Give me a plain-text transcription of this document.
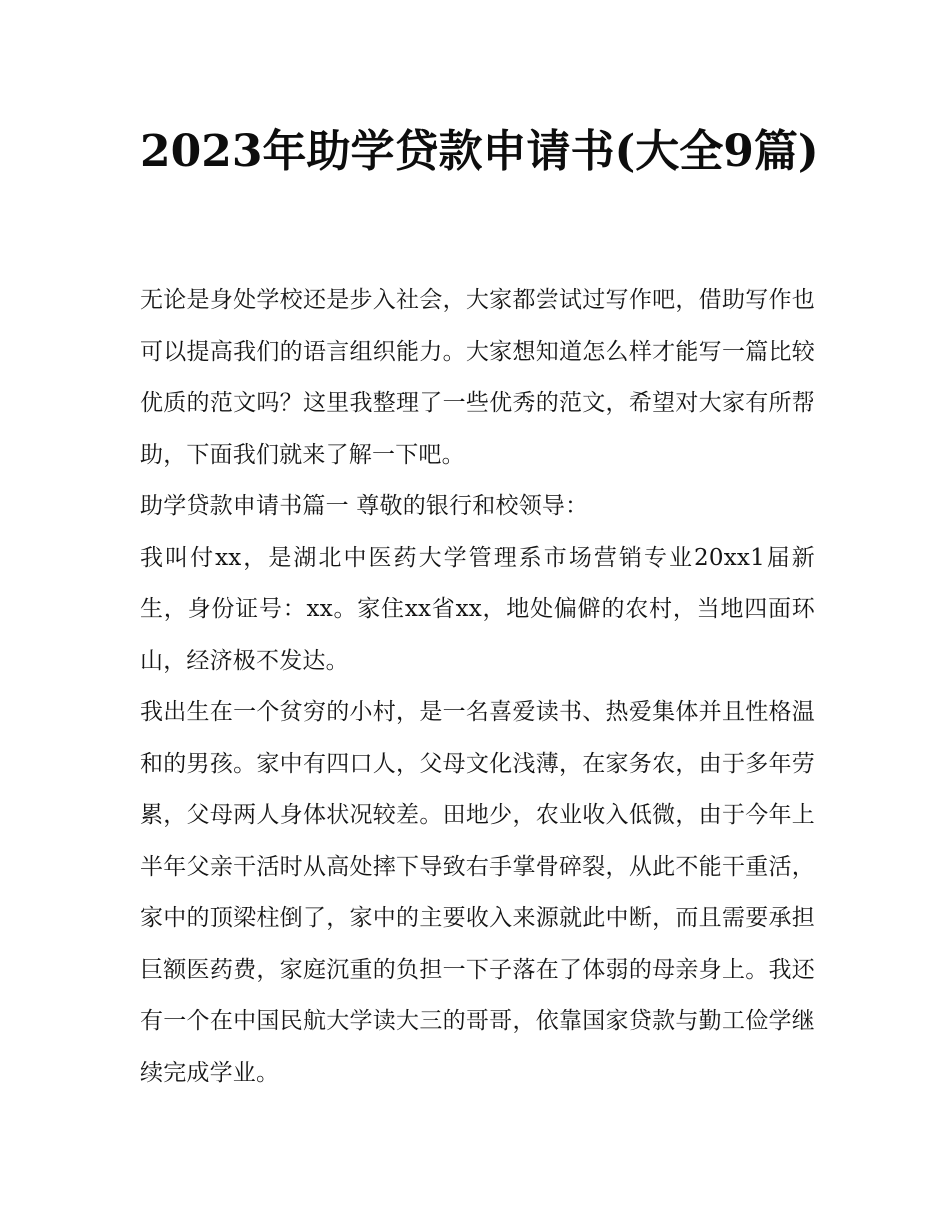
2023年助学贷款申请书(大全9篇)

无论是身处学校还是步入社会，大家都尝试过写作吧，借助写作也可以提高我们的语言组织能力。大家想知道怎么样才能写一篇比较优质的范文吗？这里我整理了一些优秀的范文，希望对大家有所帮助，下面我们就来了解一下吧。

助学贷款申请书篇一 尊敬的银行和校领导：

我叫付xx，是湖北中医药大学管理系市场营销专业20xx1届新生，身份证号：xx。家住xx省xx，地处偏僻的农村，当地四面环山，经济极不发达。

我出生在一个贫穷的小村，是一名喜爱读书、热爱集体并且性格温和的男孩。家中有四口人，父母文化浅薄，在家务农，由于多年劳累，父母两人身体状况较差。田地少，农业收入低微，由于今年上半年父亲干活时从高处摔下导致右手掌骨碎裂，从此不能干重活，家中的顶梁柱倒了，家中的主要收入来源就此中断，而且需要承担巨额医药费，家庭沉重的负担一下子落在了体弱的母亲身上。我还有一个在中国民航大学读大三的哥哥，依靠国家贷款与勤工俭学继续完成学业。
